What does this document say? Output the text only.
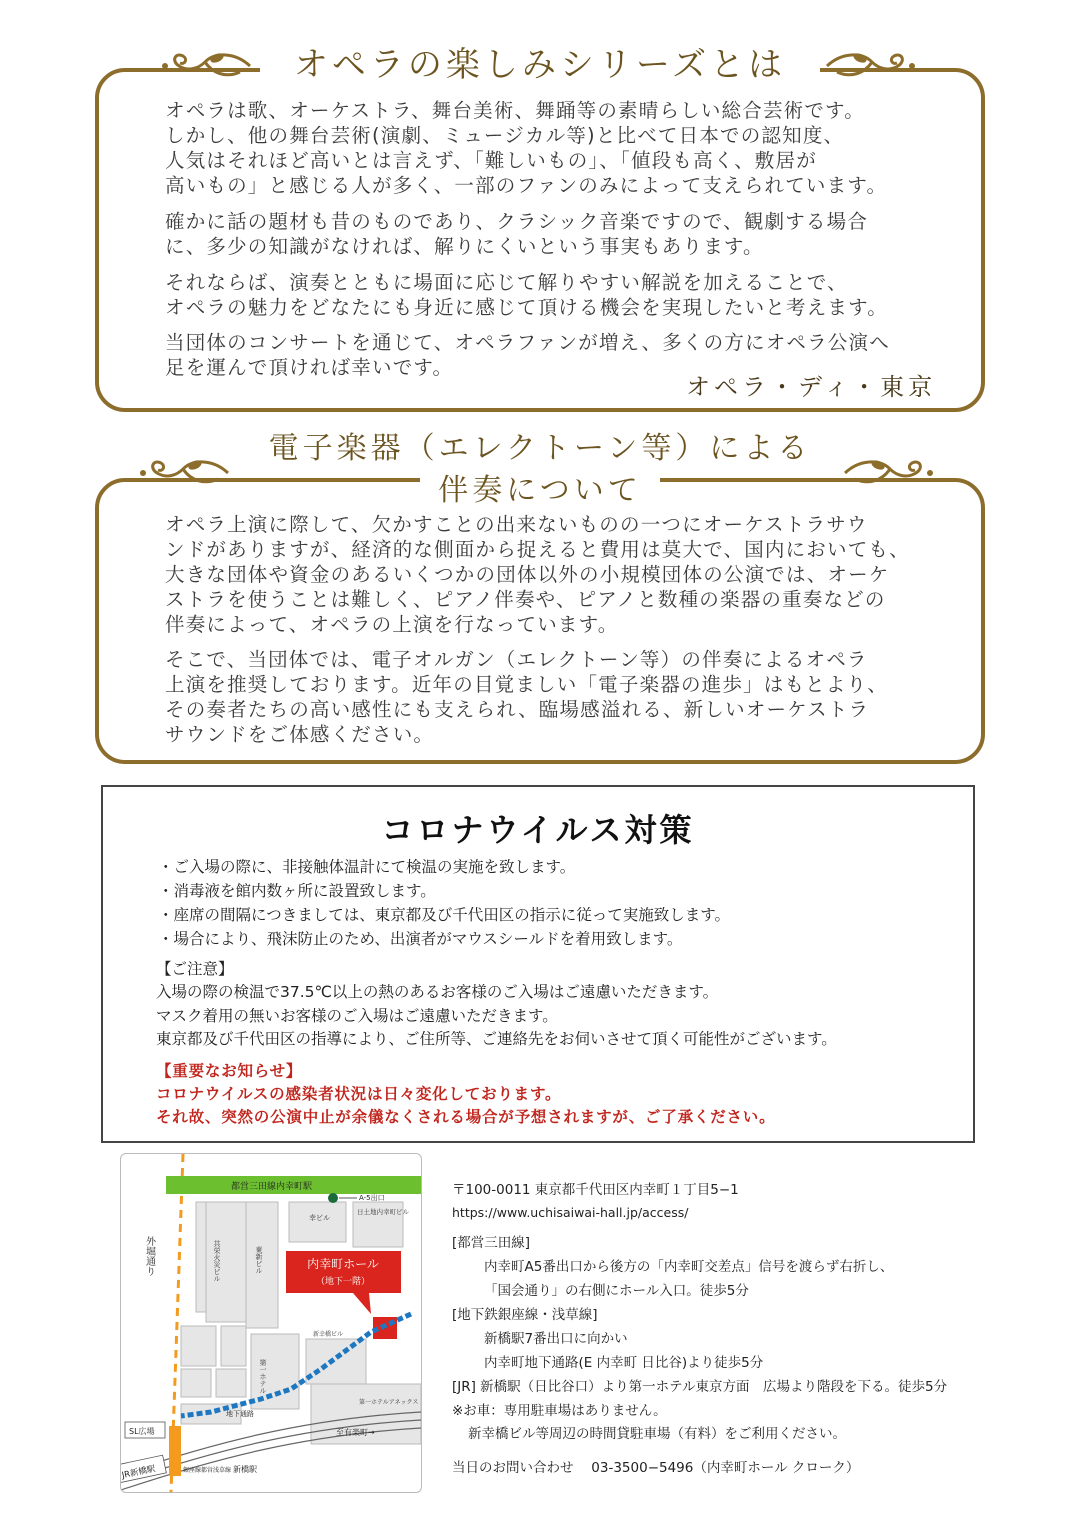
オペラの楽しみシリーズとは

オペラは歌、オーケストラ、舞台美術、舞踊等の素晴らしい総合芸術です。
しかし、他の舞台芸術(演劇、ミュージカル等)と比べて日本での認知度、
人気はそれほど高いとは言えず、「難しいもの」、「値段も高く、敷居が
高いもの」と感じる人が多く、一部のファンのみによって支えられています。

確かに話の題材も昔のものであり、クラシック音楽ですので、観劇する場合
に、多少の知識がなければ、解りにくいという事実もあります。

それならば、演奏とともに場面に応じて解りやすい解説を加えることで、
オペラの魅力をどなたにも身近に感じて頂ける機会を実現したいと考えます。

当団体のコンサートを通じて、オペラファンが増え、多くの方にオペラ公演へ
足を運んで頂ければ幸いです。

オペラ・ディ・東京
電子楽器（エレクトーン等）による
伴奏について

オペラ上演に際して、欠かすことの出来ないものの一つにオーケストラサウ
ンドがありますが、経済的な側面から捉えると費用は莫大で、国内においても、
大きな団体や資金のあるいくつかの団体以外の小規模団体の公演では、オーケ
ストラを使うことは難しく、ピアノ伴奏や、ピアノと数種の楽器の重奏などの
伴奏によって、オペラの上演を行なっています。

そこで、当団体では、電子オルガン（エレクトーン等）の伴奏によるオペラ
上演を推奨しております。近年の目覚ましい「電子楽器の進歩」はもとより、
その奏者たちの高い感性にも支えられ、臨場感溢れる、新しいオーケストラ
サウンドをご体感ください。

コロナウイルス対策
・ご入場の際に、非接触体温計にて検温の実施を致します。
・消毒液を館内数ヶ所に設置致します。
・座席の間隔につきましては、東京都及び千代田区の指示に従って実施致します。
・場合により、飛沫防止のため、出演者がマウスシールドを着用致します。
【ご注意】
入場の際の検温で37.5℃以上の熱のあるお客様のご入場はご遠慮いただきます。
マスク着用の無いお客様のご入場はご遠慮いただきます。
東京都及び千代田区の指導により、ご住所等、ご連絡先をお伺いさせて頂く可能性がございます。
【重要なお知らせ】
コロナウイルスの感染者状況は日々変化しております。
それ故、突然の公演中止が余儀なくされる場合が予想されますが、ご了承ください。
都営三田線内幸町駅
A-5出口
外堀通り	共栄火災ビル	東新ビル
幸ビル
日土地内幸町ビル
内幸町ホール
（地下一階）
新幸橋ビル
第一ホテル
第一ホテルアネックス
地下通路
SL広場	至有楽町→
JR新橋駅	銀座線都営浅草線 新橋駅
〒100-0011 東京都千代田区内幸町１丁目5−1
https://www.uchisaiwai-hall.jp/access/
[都営三田線]
内幸町A5番出口から後方の「内幸町交差点」信号を渡らず右折し、
「国会通り」の右側にホール入口。徒歩5分
[地下鉄銀座線・浅草線]
新橋駅7番出口に向かい
内幸町地下通路(E 内幸町 日比谷)より徒歩5分
[JR] 新橋駅（日比谷口）より第一ホテル東京方面　広場より階段を下る。徒歩5分
※お車：専用駐車場はありません。
新幸橋ビル等周辺の時間貸駐車場（有料）をご利用ください。
当日のお問い合わせ　 03-3500−5496（内幸町ホール クローク）
